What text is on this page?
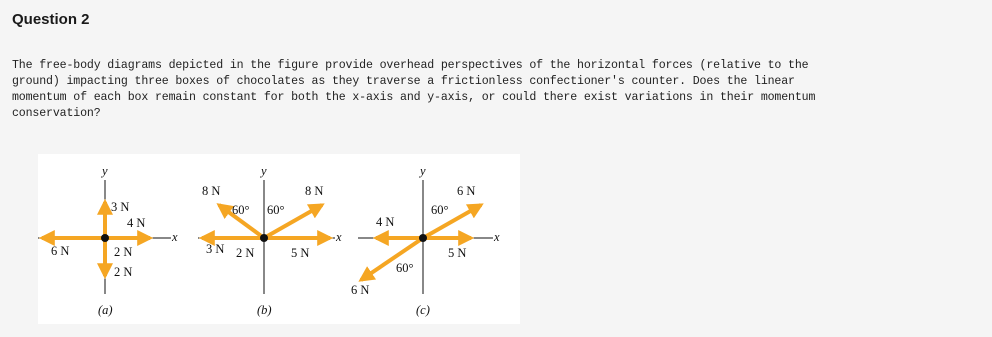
Question 2
The free-body diagrams depicted in the figure provide overhead perspectives of the horizontal forces (relative to the
ground) impacting three boxes of chocolates as they traverse a frictionless confectioner's counter. Does the linear
momentum of each box remain constant for both the x-axis and y-axis, or could there exist variations in their momentum
conservation?
x
y
3 N
4 N
6 N	2 N
2 N
(a)
x
y
8 N	8 N
60° 60°
3 N 2 N	5 N
(b)
x
y
6 N
60°
4 N
5 N
60°
6 N
(c)
